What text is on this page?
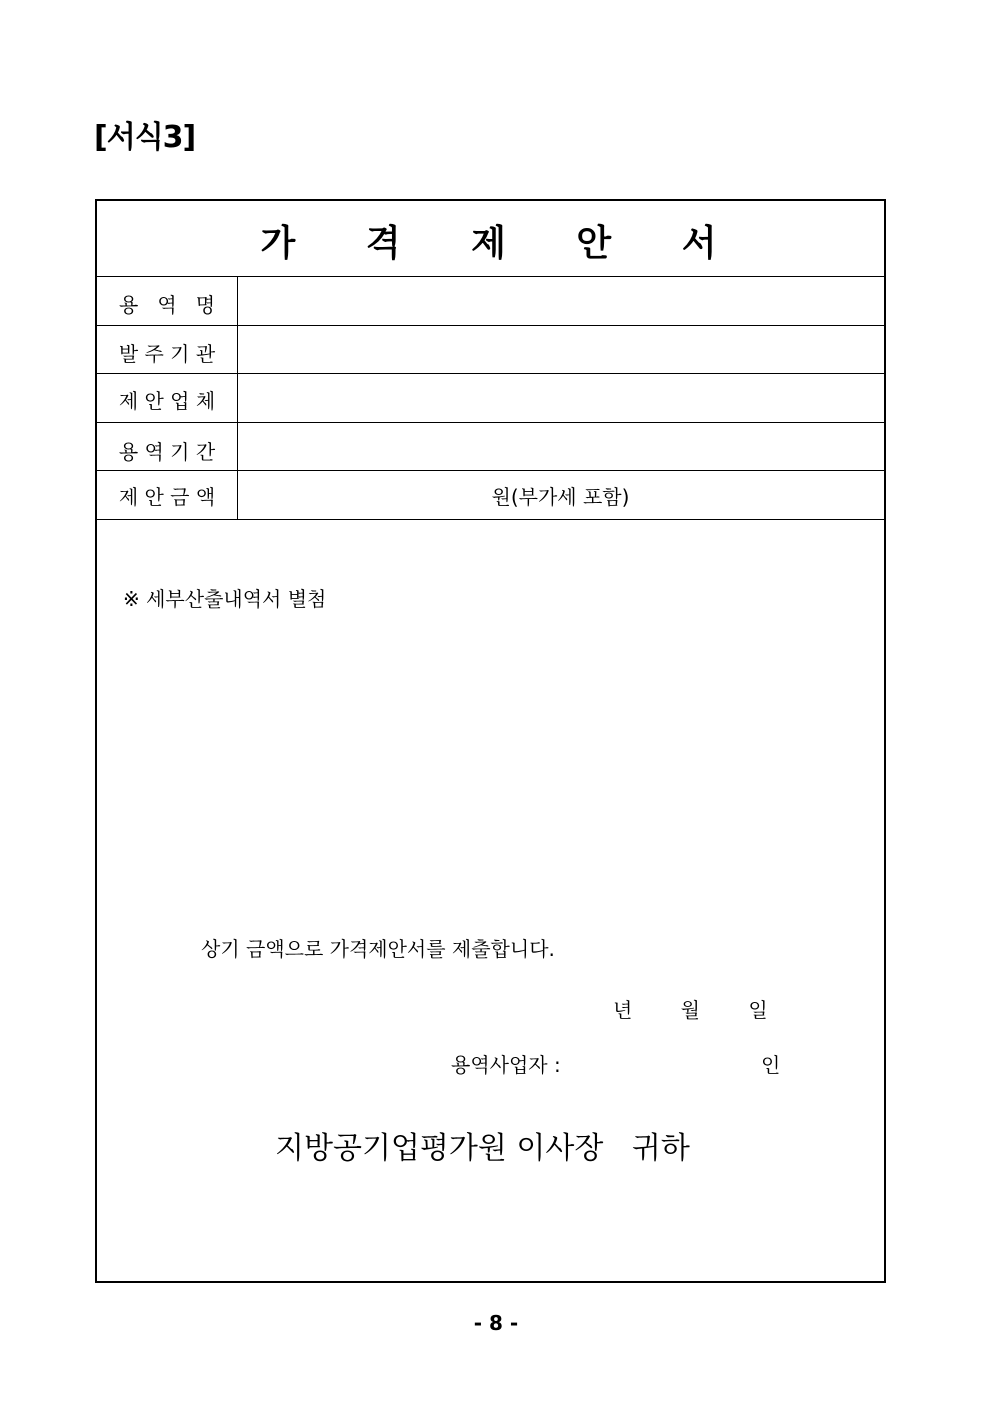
[서식3]
가 격 제 안 서
용   역   명
발 주 기 관
제 안 업 체
용 역 기 간
제 안 금 액	원(부가세 포함)
※ 세부산출내역서 별첨
상기 금액으로 가격제안서를 제출합니다.
년 월 일
용역사업자 :	인
지방공기업평가원 이사장   귀하
- 8 -
